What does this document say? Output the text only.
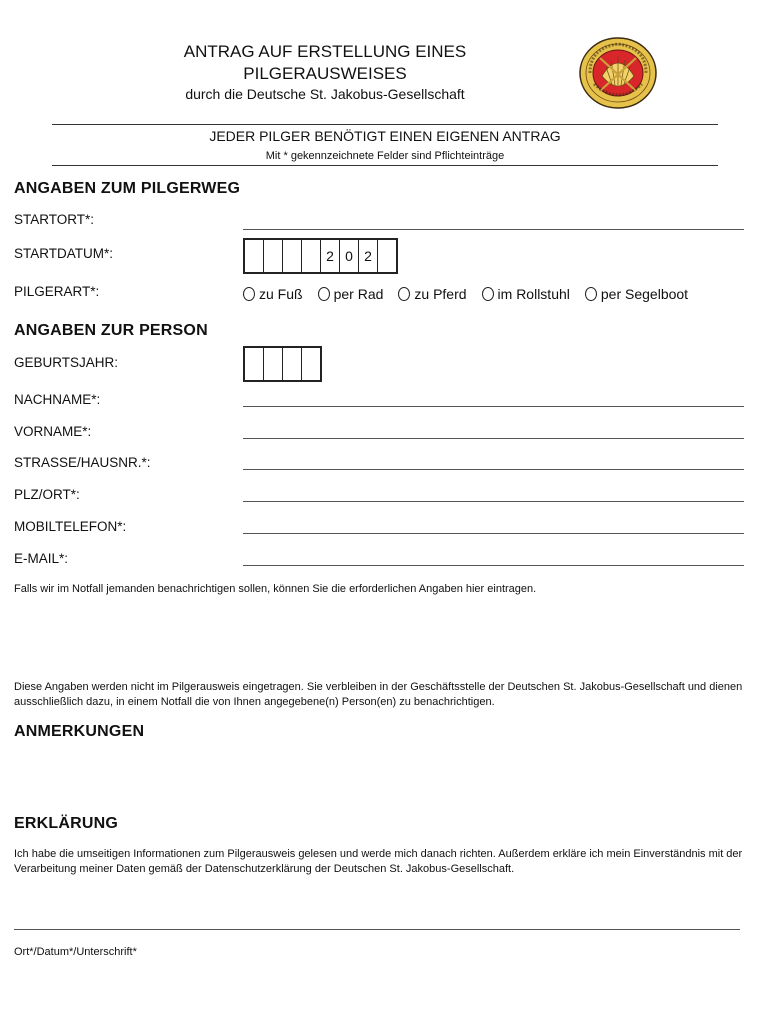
ANTRAG AUF ERSTELLUNG EINES
PILGERAUSWEISES
durch die Deutsche St. Jakobus-Gesellschaft
JEDER PILGER BENÖTIGT EINEN EIGENEN ANTRAG
Mit * gekennzeichnete Felder sind Pflichteinträge
ANGABEN ZUM PILGERWEG
STARTORT*:
STARTDATUM*:	2 0 2
PILGERART*:	zu Fuß per Rad zu Pferd im Rollstuhl per Segelboot
ANGABEN ZUR PERSON
GEBURTSJAHR:
NACHNAME*:
VORNAME*:
STRASSE/HAUSNR.*:
PLZ/ORT*:
MOBILTELEFON*:
E-MAIL*:
Falls wir im Notfall jemanden benachrichtigen sollen, können Sie die erforderlichen Angaben hier eintragen.
Diese Angaben werden nicht im Pilgerausweis eingetragen. Sie verbleiben in der Geschäftsstelle der Deutschen St. Jakobus-Gesellschaft und dienen ausschließlich dazu, in einem Notfall die von Ihnen angegebene(n) Person(en) zu benachrichtigen.
ANMERKUNGEN
ERKLÄRUNG
Ich habe die umseitigen Informationen zum Pilgerausweis gelesen und werde mich danach richten. Außerdem erkläre ich mein Einverständnis mit der Verarbeitung meiner Daten gemäß der Datenschutzerklärung der Deutschen St. Jakobus-Gesellschaft.
Ort*/Datum*/Unterschrift*
